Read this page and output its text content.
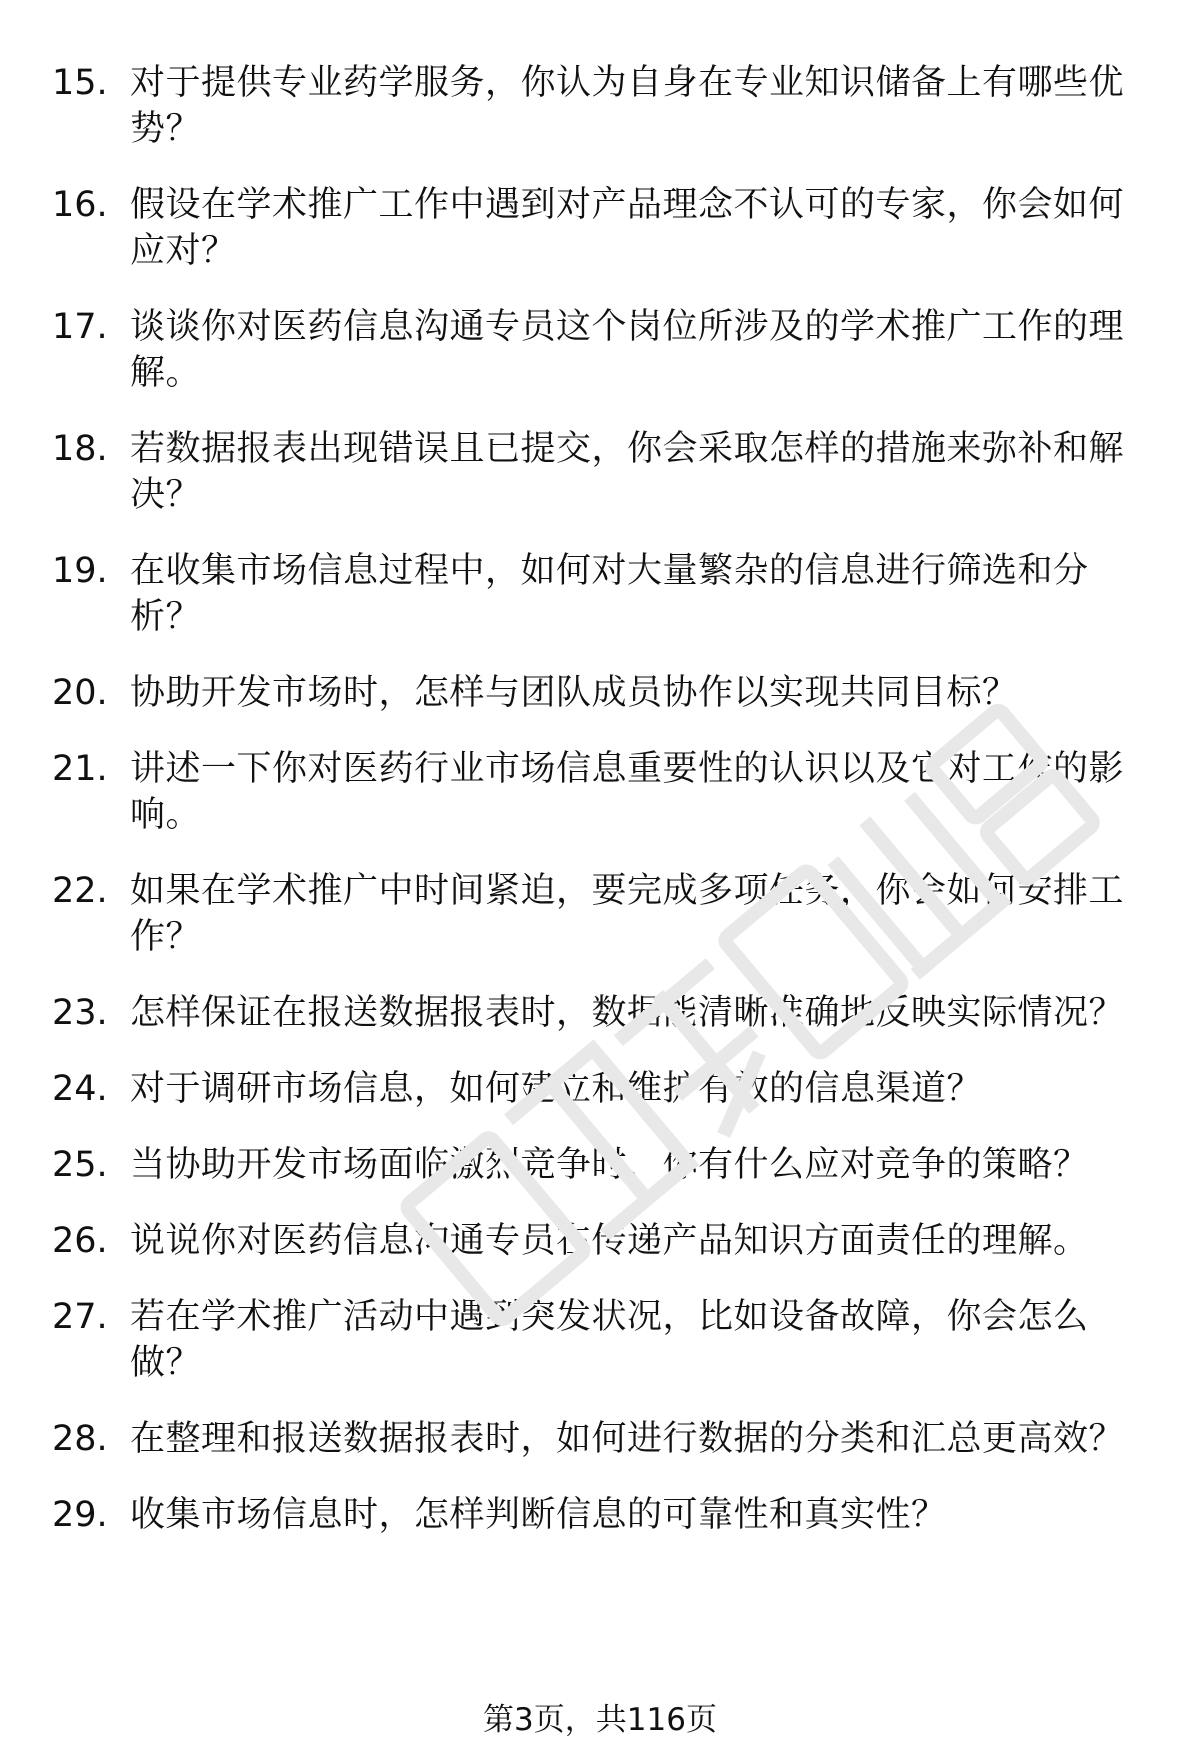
15. 对于提供专业药学服务，你认为自身在专业知识储备上有哪些优势？
16. 假设在学术推广工作中遇到对产品理念不认可的专家，你会如何应对？
17. 谈谈你对医药信息沟通专员这个岗位所涉及的学术推广工作的理解。
18. 若数据报表出现错误且已提交，你会采取怎样的措施来弥补和解决？
19. 在收集市场信息过程中，如何对大量繁杂的信息进行筛选和分析？
20. 协助开发市场时，怎样与团队成员协作以实现共同目标？
21. 讲述一下你对医药行业市场信息重要性的认识以及它对工作的影响。
22. 如果在学术推广中时间紧迫，要完成多项任务，你会如何安排工作？
23. 怎样保证在报送数据报表时，数据能清晰准确地反映实际情况？
24. 对于调研市场信息，如何建立和维护有效的信息渠道？
25. 当协助开发市场面临激烈竞争时，你有什么应对竞争的策略？
26. 说说你对医药信息沟通专员在传递产品知识方面责任的理解。
27. 若在学术推广活动中遇到突发状况，比如设备故障，你会怎么做？
28. 在整理和报送数据报表时，如何进行数据的分类和汇总更高效？
29. 收集市场信息时，怎样判断信息的可靠性和真实性？
第3页，共116页
